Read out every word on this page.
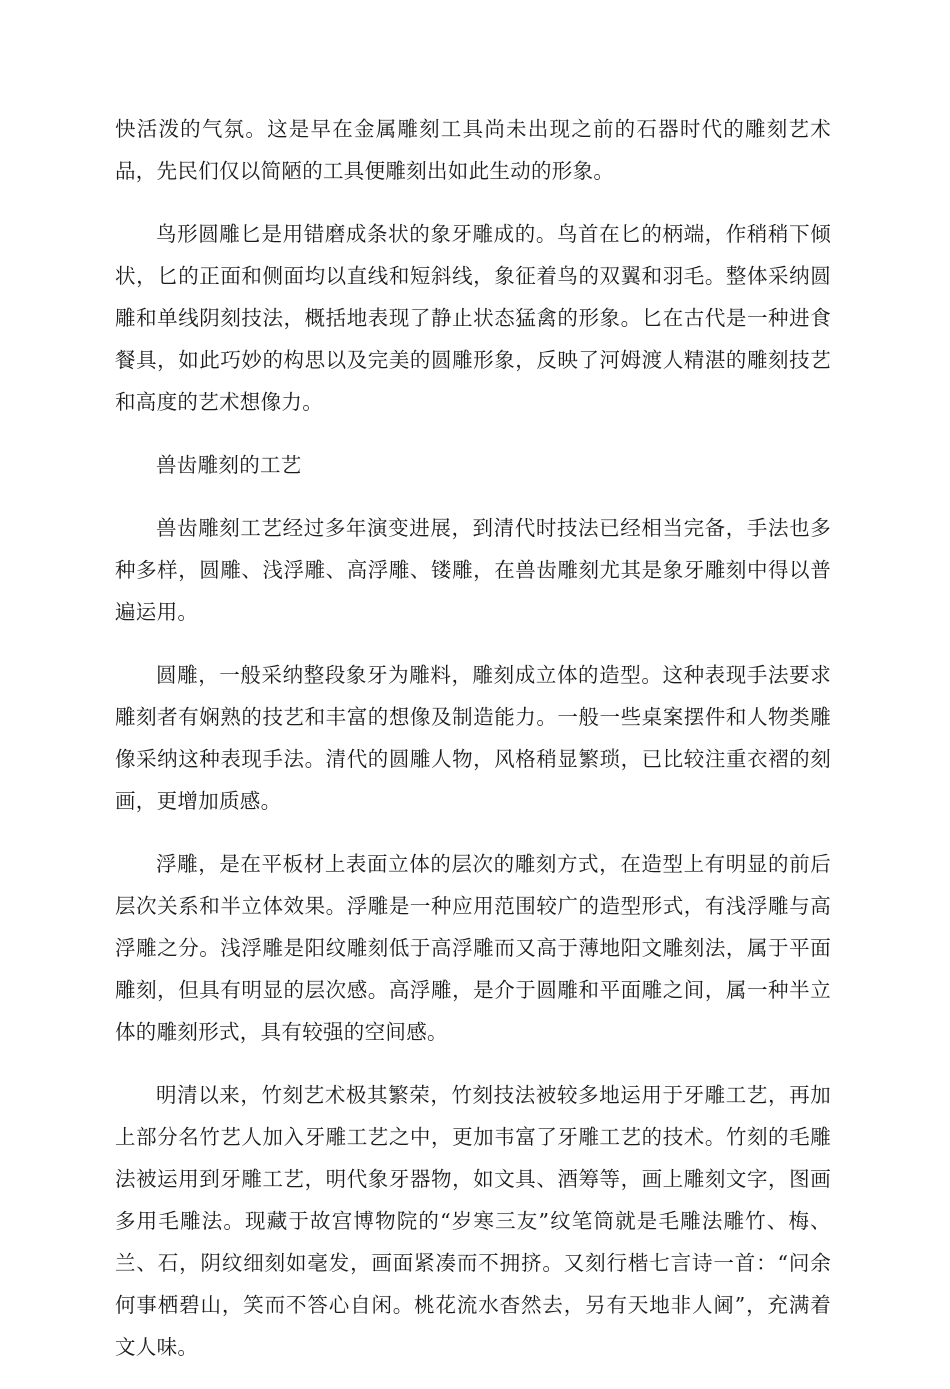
快活泼的气氛。这是早在金属雕刻工具尚未出现之前的石器时代的雕刻艺术品，先民们仅以简陋的工具便雕刻出如此生动的形象。

鸟形圆雕匕是用错磨成条状的象牙雕成的。鸟首在匕的柄端，作稍稍下倾状，匕的正面和侧面均以直线和短斜线，象征着鸟的双翼和羽毛。整体采纳圆雕和单线阴刻技法，概括地表现了静止状态猛禽的形象。匕在古代是一种进食餐具，如此巧妙的构思以及完美的圆雕形象，反映了河姆渡人精湛的雕刻技艺和高度的艺术想像力。

兽齿雕刻的工艺

兽齿雕刻工艺经过多年演变进展，到清代时技法已经相当完备，手法也多种多样，圆雕、浅浮雕、高浮雕、镂雕，在兽齿雕刻尤其是象牙雕刻中得以普遍运用。

圆雕，一般采纳整段象牙为雕料，雕刻成立体的造型。这种表现手法要求雕刻者有娴熟的技艺和丰富的想像及制造能力。一般一些桌案摆件和人物类雕像采纳这种表现手法。清代的圆雕人物，风格稍显繁琐，已比较注重衣褶的刻画，更增加质感。

浮雕，是在平板材上表面立体的层次的雕刻方式，在造型上有明显的前后层次关系和半立体效果。浮雕是一种应用范围较广的造型形式，有浅浮雕与高浮雕之分。浅浮雕是阳纹雕刻低于高浮雕而又高于薄地阳文雕刻法，属于平面雕刻，但具有明显的层次感。高浮雕，是介于圆雕和平面雕之间，属一种半立体的雕刻形式，具有较强的空间感。

明清以来，竹刻艺术极其繁荣，竹刻技法被较多地运用于牙雕工艺，再加上部分名竹艺人加入牙雕工艺之中，更加韦富了牙雕工艺的技术。竹刻的毛雕法被运用到牙雕工艺，明代象牙器物，如文具、酒筹等，画上雕刻文字，图画多用毛雕法。现藏于故宫博物院的“岁寒三友”纹笔筒就是毛雕法雕竹、梅、兰、石，阴纹细刻如毫发，画面紧凑而不拥挤。又刻行楷七言诗一首：“问余何事栖碧山，笑而不答心自闲。桃花流水杳然去，另有天地非人阃”，充满着文人味。
